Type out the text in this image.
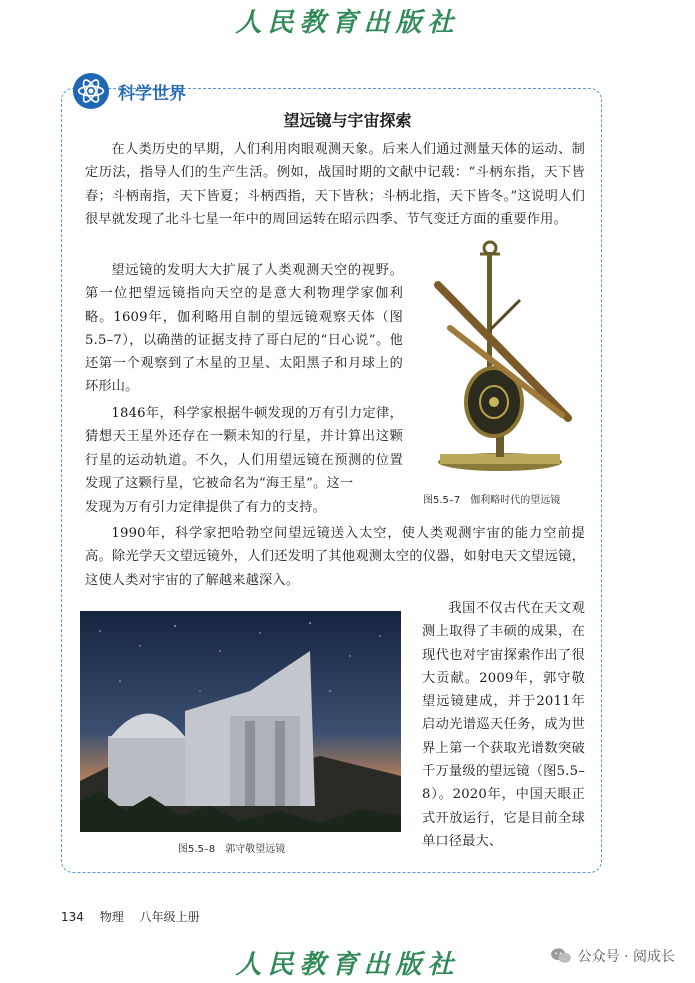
人民教育出版社
科学世界
望远镜与宇宙探索

在人类历史的早期，人们利用肉眼观测天象。后来人们通过测量天体的运动、制定历法，指导人们的生产生活。例如，战国时期的文献中记载：“斗柄东指，天下皆春；斗柄南指，天下皆夏；斗柄西指，天下皆秋；斗柄北指，天下皆冬。”这说明人们很早就发现了北斗七星一年中的周回运转在昭示四季、节气变迁方面的重要作用。

望远镜的发明大大扩展了人类观测天空的视野。第一位把望远镜指向天空的是意大利物理学家伽利略。1609年，伽利略用自制的望远镜观察天体（图5.5–7），以确凿的证据支持了哥白尼的“日心说”。他还第一个观察到了木星的卫星、太阳黑子和月球上的环形山。

1846年，科学家根据牛顿发现的万有引力定律，猜想天王星外还存在一颗未知的行星，并计算出这颗行星的运动轨道。不久，人们用望远镜在预测的位置发现了这颗行星，它被命名为“海王星”。这一

发现为万有引力定律提供了有力的支持。

1990年，科学家把哈勃空间望远镜送入太空，使人类观测宇宙的能力空前提高。除光学天文望远镜外，人们还发明了其他观测太空的仪器，如射电天文望远镜，这使人类对宇宙的了解越来越深入。

我国不仅古代在天文观测上取得了丰硕的成果，在现代也对宇宙探索作出了很大贡献。2009年，郭守敬望远镜建成，并于2011年启动光谱巡天任务，成为世界上第一个获取光谱数突破千万量级的望远镜（图5.5–8）。2020年，中国天眼正式开放运行，它是目前全球单口径最大、

图5.5–7　伽利略时代的望远镜
图5.5–8　郭守敬望远镜
134 物理 八年级上册
人民教育出版社	公众号 · 阅成长
